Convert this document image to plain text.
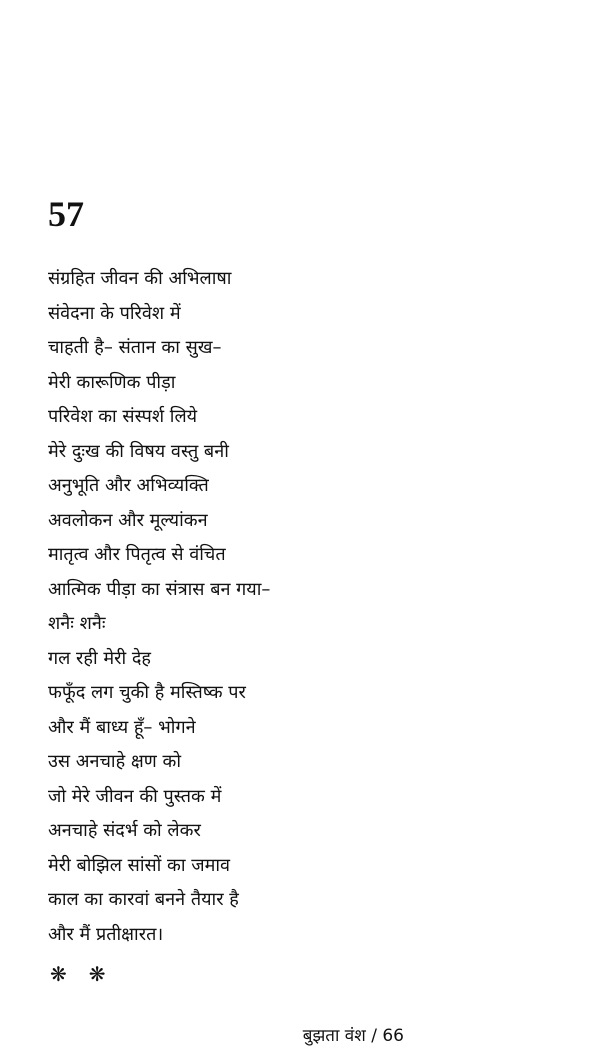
57
संग्रहित जीवन की अभिलाषा
संवेदना के परिवेश में
चाहती है– संतान का सुख–
मेरी कारूणिक पीड़ा
परिवेश का संस्पर्श लिये
मेरे दुःख की विषय वस्तु बनी
अनुभूति और अभिव्यक्ति
अवलोकन और मूल्यांकन
मातृत्व और पितृत्व से वंचित
आत्मिक पीड़ा का संत्रास बन गया–
शनैः शनैः
गल रही मेरी देह
फफूँद लग चुकी है मस्तिष्क पर
और मैं बाध्य हूँ– भोगने
उस अनचाहे क्षण को
जो मेरे जीवन की पुस्तक में
अनचाहे संदर्भ को लेकर
मेरी बोझिल सांसों का जमाव
काल का कारवां बनने तैयार है
और मैं प्रतीक्षारत।
❋ ❋
बुझता वंश / 66
